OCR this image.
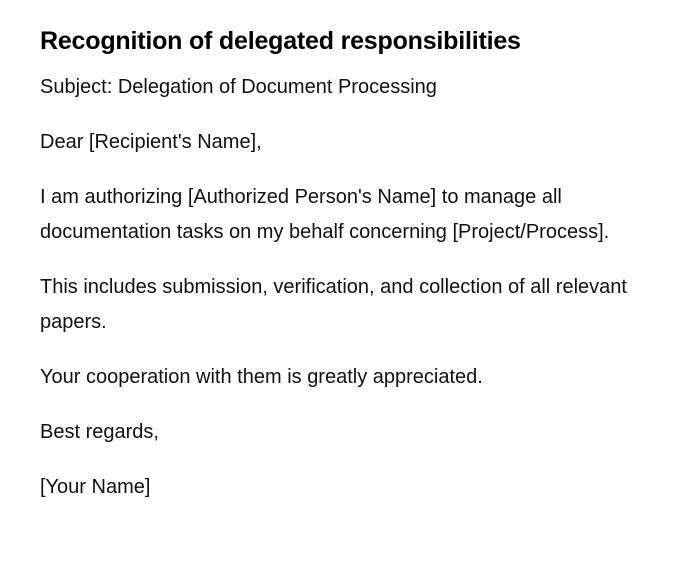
Recognition of delegated responsibilities

Subject: Delegation of Document Processing

Dear [Recipient's Name],

I am authorizing [Authorized Person's Name] to manage all documentation tasks on my behalf concerning [Project/Process].

This includes submission, verification, and collection of all relevant papers.

Your cooperation with them is greatly appreciated.

Best regards,

[Your Name]
